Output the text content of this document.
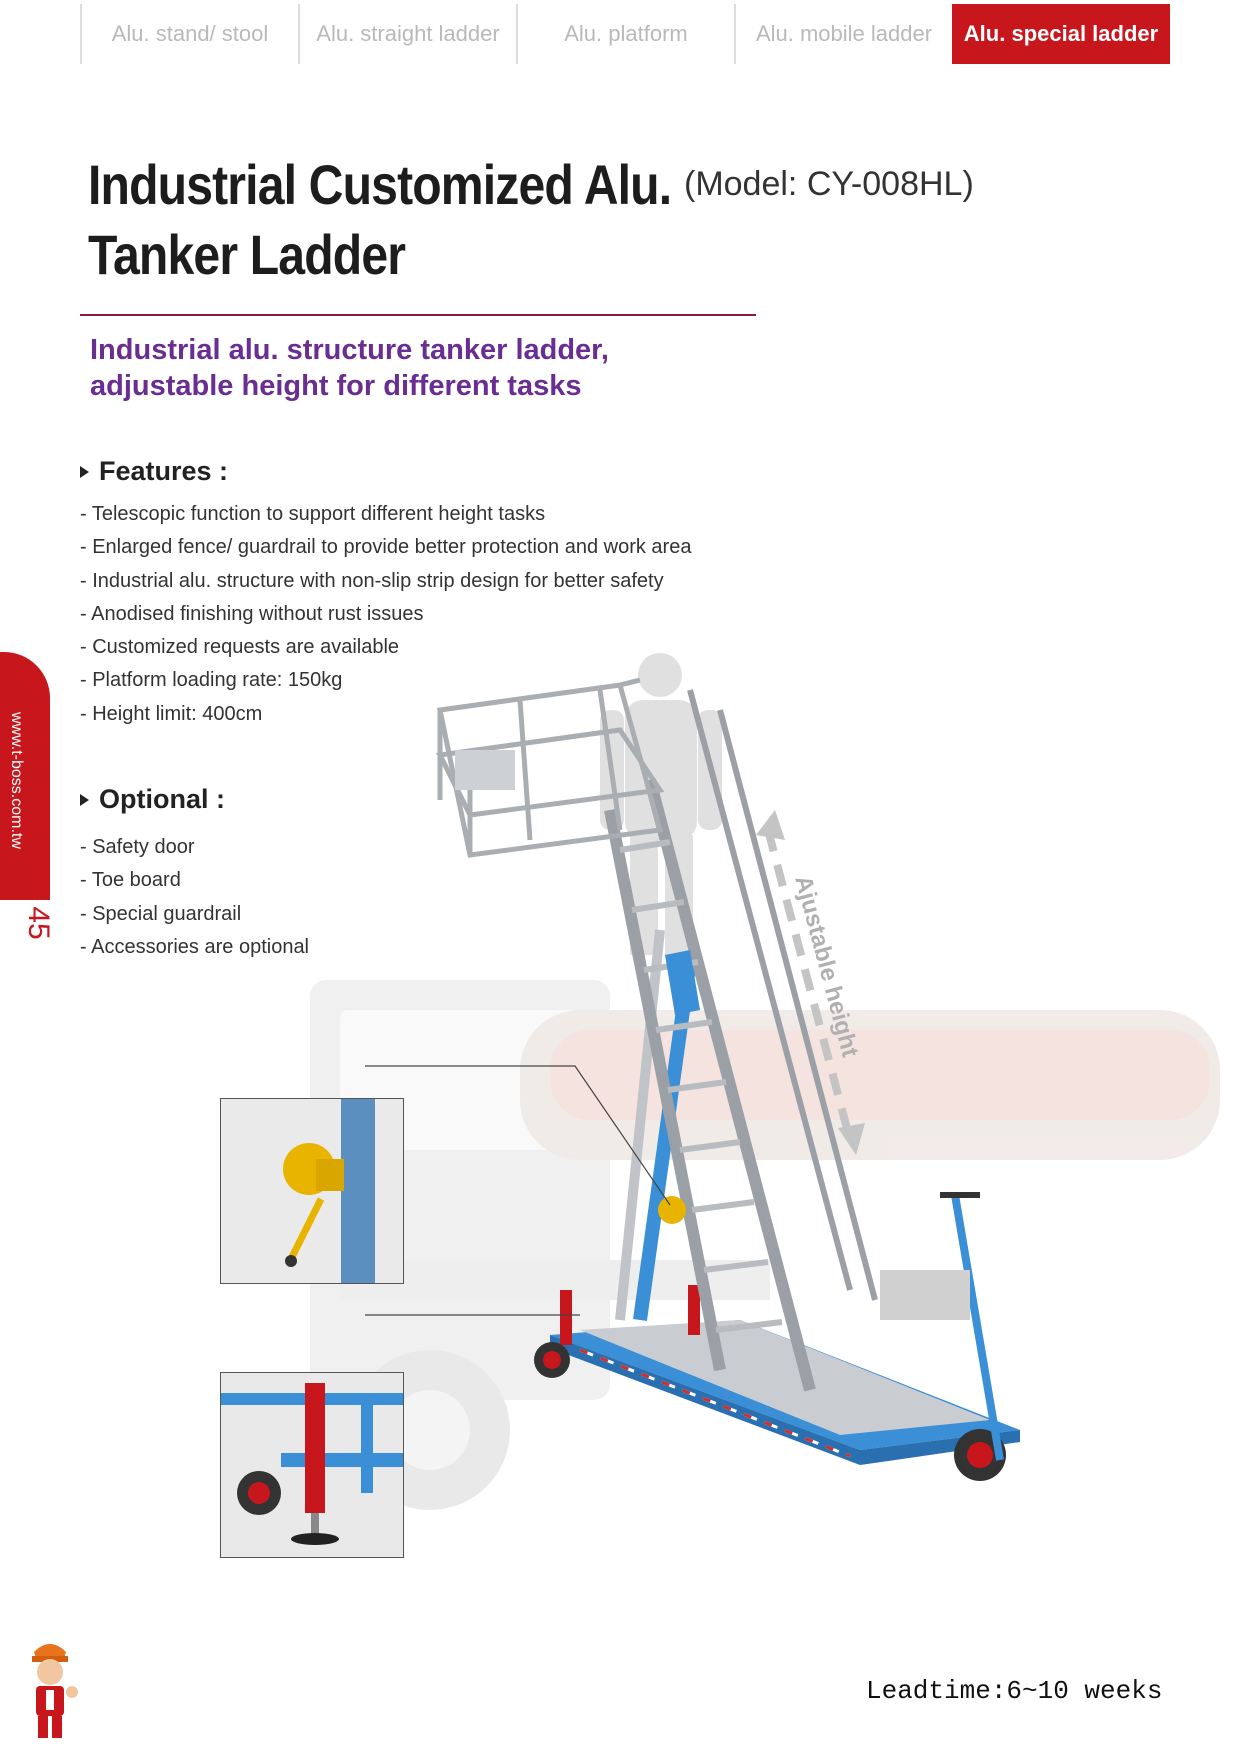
Alu. stand/ stool	Alu. straight ladder	Alu. platform	Alu. mobile ladder	Alu. special ladder
Industrial Customized Alu.
Tanker Ladder
(Model: CY-008HL)
Industrial alu. structure tanker ladder,
adjustable height for different tasks
Features :
- Telescopic function to support different height tasks
- Enlarged fence/ guardrail to provide better protection and work area
- Industrial alu. structure with non-slip strip design for better safety
- Anodised finishing without rust issues
- Customized requests are available
- Platform loading rate: 150kg
- Height limit: 400cm
Optional :
- Safety door
- Toe board
- Special guardrail
- Accessories are optional
www.t-boss.com.tw
45	Ajustable height
Leadtime:6~10 weeks
